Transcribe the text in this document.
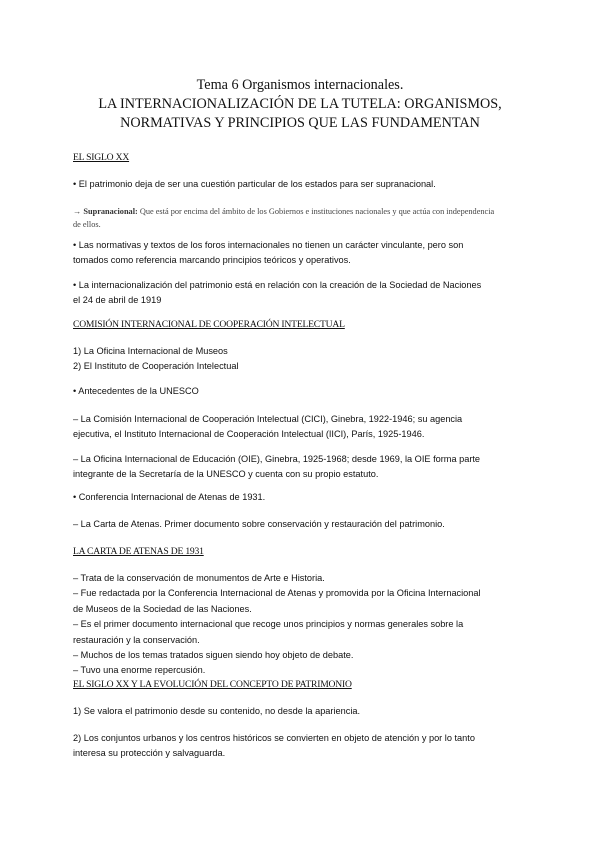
Tema 6 Organismos internacionales.
LA INTERNACIONALIZACIÓN DE LA TUTELA: ORGANISMOS,
NORMATIVAS Y PRINCIPIOS QUE LAS FUNDAMENTAN
EL SIGLO XX
• El patrimonio deja de ser una cuestión particular de los estados para ser supranacional.
→ Supranacional: Que está por encima del ámbito de los Gobiernos e instituciones nacionales y que actúa con independencia
de ellos.
• Las normativas y textos de los foros internacionales no tienen un carácter vinculante, pero son
tomados como referencia marcando principios teóricos y operativos.
• La internacionalización del patrimonio está en relación con la creación de la Sociedad de Naciones
el 24 de abril de 1919
COMISIÓN INTERNACIONAL DE COOPERACIÓN INTELECTUAL
1) La Oficina Internacional de Museos
2) El Instituto de Cooperación Intelectual
• Antecedentes de la UNESCO
– La Comisión Internacional de Cooperación Intelectual (CICI), Ginebra, 1922-1946; su agencia
ejecutiva, el Instituto Internacional de Cooperación Intelectual (IICI), París, 1925-1946.
– La Oficina Internacional de Educación (OIE), Ginebra, 1925-1968; desde 1969, la OIE forma parte
integrante de la Secretaría de la UNESCO y cuenta con su propio estatuto.
• Conferencia Internacional de Atenas de 1931.
– La Carta de Atenas. Primer documento sobre conservación y restauración del patrimonio.
LA CARTA DE ATENAS DE 1931
– Trata de la conservación de monumentos de Arte e Historia.
– Fue redactada por la Conferencia Internacional de Atenas y promovida por la Oficina Internacional
de Museos de la Sociedad de las Naciones.
– Es el primer documento internacional que recoge unos principios y normas generales sobre la
restauración y la conservación.
– Muchos de los temas tratados siguen siendo hoy objeto de debate.
– Tuvo una enorme repercusión.
EL SIGLO XX Y LA EVOLUCIÓN DEL CONCEPTO DE PATRIMONIO
1) Se valora el patrimonio desde su contenido, no desde la apariencia.
2) Los conjuntos urbanos y los centros históricos se convierten en objeto de atención y por lo tanto
interesa su protección y salvaguarda.
